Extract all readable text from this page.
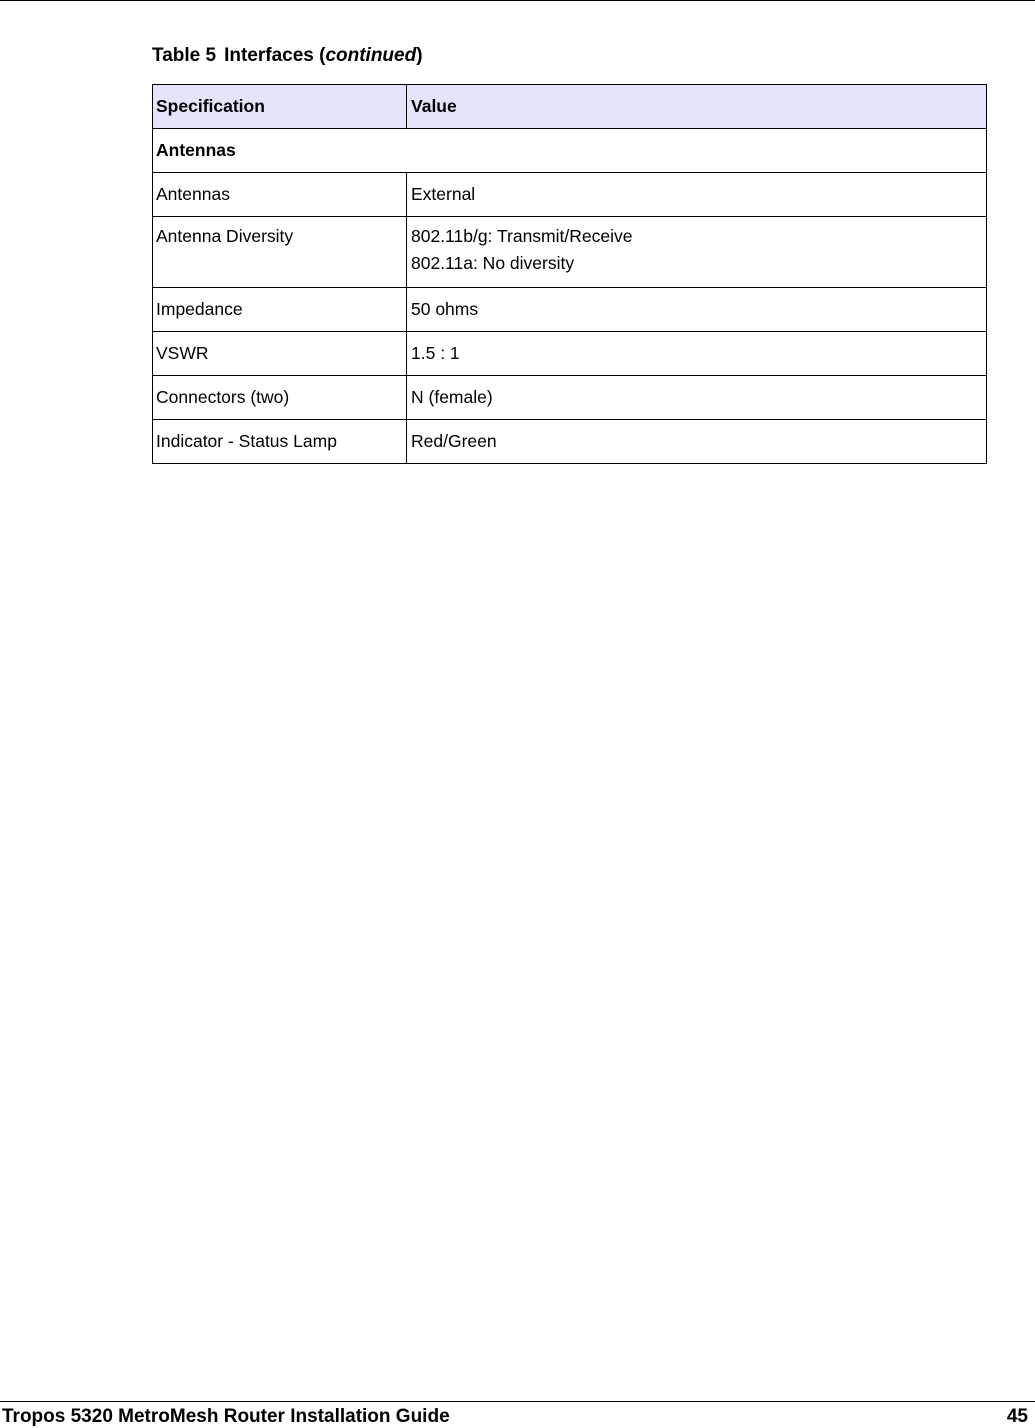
Table 5 Interfaces (continued)
Specification	Value
Antennas	
Antennas	External

Antenna Diversity	802.11b/g: Transmit/Receive
802.11a: No diversity

Impedance	50 ohms
VSWR	1.5 : 1
Connectors (two)	N (female)
Indicator - Status Lamp	Red/Green
Tropos 5320 MetroMesh Router Installation Guide	45
